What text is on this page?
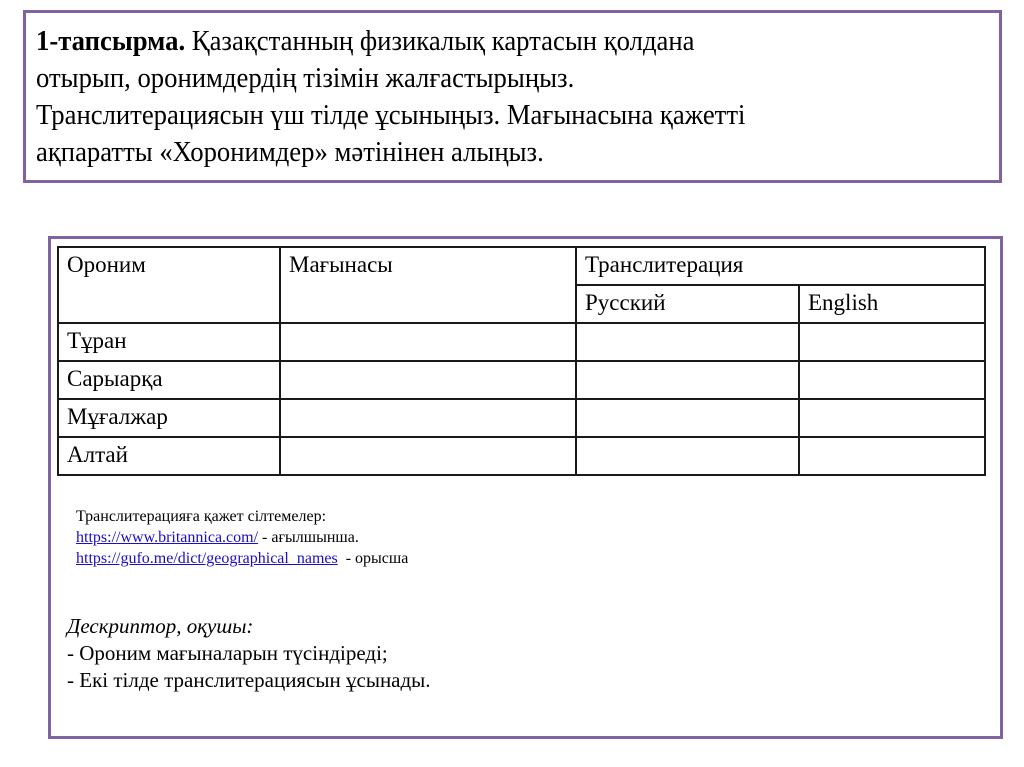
1-тапсырма. Қазақстанның физикалық картасын қолдана
отырып, оронимдердің тізімін жалғастырыңыз.
Транслитерациясын үш тілде ұсыныңыз. Мағынасына қажетті
ақпаратты «Хоронимдер» мәтінінен алыңыз.
Ороним	Мағынасы	Транслитерация	
		Русский	English
Тұран			
Сарыарқа			
Мұғалжар			
Алтай			
Транслитерацияға қажет сілтемелер:
https://www.britannica.com/ - ағылшынша.
https://gufo.me/dict/geographical_names  - орысша
Дескриптор, оқушы:
- Ороним мағыналарын түсіндіреді;
- Екі тілде транслитерациясын ұсынады.
